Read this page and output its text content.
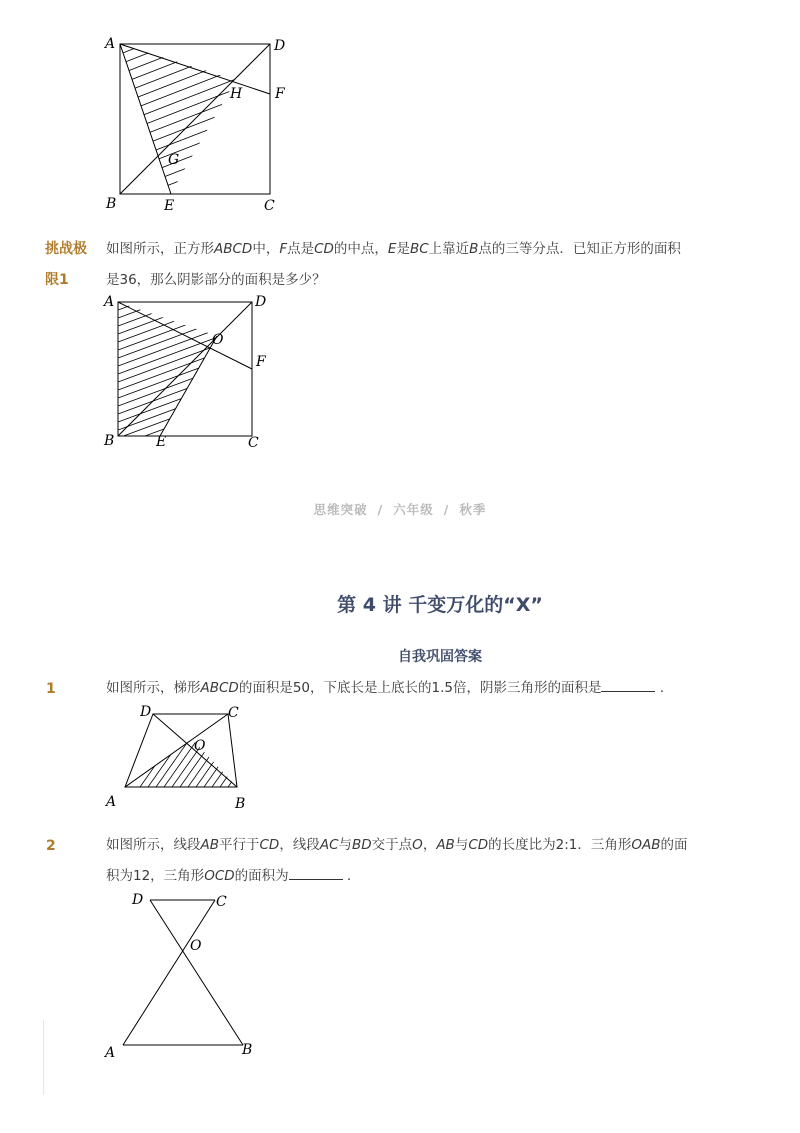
A	D
H F
G
B	E	C
挑战极
限1
如图所示，正方形ABCD中，F点是CD的中点，E是BC上靠近B点的三等分点．已知正方形的面积
是36，那么阴影部分的面积是多少？
A	D
O
F
B	E	C
思维突破 / 六年级 / 秋季
第 4 讲 千变万化的“X”
自我巩固答案
1	如图所示，梯形ABCD的面积是50，下底长是上底长的1.5倍，阴影三角形的面积是	.
D	C
O
A	B
2	如图所示，线段AB平行于CD，线段AC与BD交于点O，AB与CD的长度比为2:1．三角形OAB的面
积为12，三角形OCD的面积为	.
D	C
O
A	B
